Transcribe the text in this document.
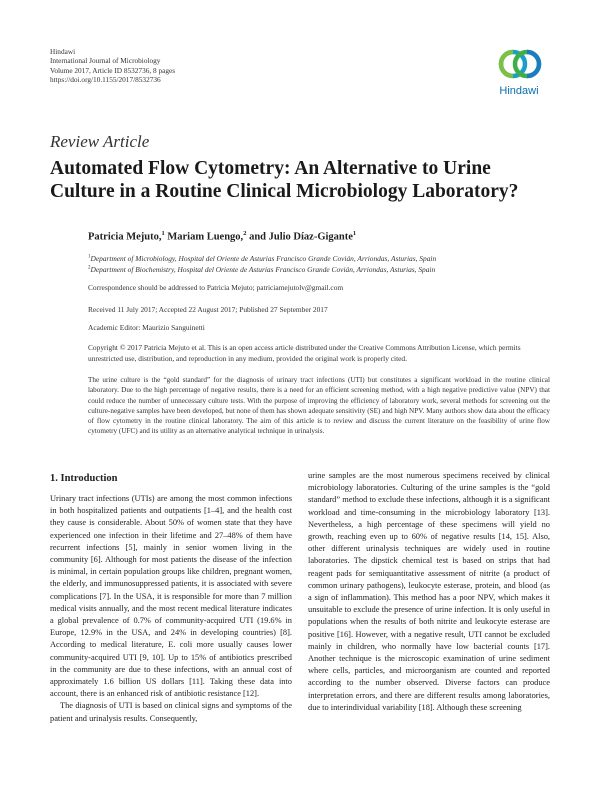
Hindawi
International Journal of Microbiology
Volume 2017, Article ID 8532736, 8 pages
https://doi.org/10.1155/2017/8532736
Hindawi
Review Article
Automated Flow Cytometry: An Alternative to Urine Culture in a Routine Clinical Microbiology Laboratory?
Patricia Mejuto,$^1$ Mariam Luengo,$^2$ and Julio Díaz-Gigante$^1$
$^1$Department of Microbiology, Hospital del Oriente de Asturias Francisco Grande Covián, Arriondas, Asturias, Spain
$^2$Department of Biochemistry, Hospital del Oriente de Asturias Francisco Grande Covián, Arriondas, Asturias, Spain
Correspondence should be addressed to Patricia Mejuto; patriciamejutolv@gmail.com
Received 11 July 2017; Accepted 22 August 2017; Published 27 September 2017
Academic Editor: Maurizio Sanguinetti
Copyright © 2017 Patricia Mejuto et al. This is an open access article distributed under the Creative Commons Attribution License, which permits unrestricted use, distribution, and reproduction in any medium, provided the original work is properly cited.
The urine culture is the “gold standard” for the diagnosis of urinary tract infections (UTI) but constitutes a significant workload in the routine clinical laboratory. Due to the high percentage of negative results, there is a need for an efficient screening method, with a high negative predictive value (NPV) that could reduce the number of unnecessary culture tests. With the purpose of improving the efficiency of laboratory work, several methods for screening out the culture-negative samples have been developed, but none of them has shown adequate sensitivity (SE) and high NPV. Many authors show data about the efficacy of flow cytometry in the routine clinical laboratory. The aim of this article is to review and discuss the current literature on the feasibility of urine flow cytometry (UFC) and its utility as an alternative analytical technique in urinalysis.
1. Introduction

Urinary tract infections (UTIs) are among the most common infections in both hospitalized patients and outpatients [1–4], and the health cost they cause is considerable. About 50% of women state that they have experienced one infection in their lifetime and 27–48% of them have recurrent infections [5], mainly in senior women living in the community [6]. Although for most patients the disease of the infection is minimal, in certain population groups like children, pregnant women, the elderly, and immunosuppressed patients, it is associated with severe complications [7]. In the USA, it is responsible for more than 7 million medical visits annually, and the most recent medical literature indicates a global prevalence of 0.7% of community-acquired UTI (19.6% in Europe, 12.9% in the USA, and 24% in developing countries) [8]. According to medical literature, E. coli more usually causes lower community-acquired UTI [9, 10]. Up to 15% of antibiotics prescribed in the community are due to these infections, with an annual cost of approximately 1.6 billion US dollars [11]. Taking these data into account, there is an enhanced risk of antibiotic resistance [12].

The diagnosis of UTI is based on clinical signs and symptoms of the patient and urinalysis results. Consequently,

urine samples are the most numerous specimens received by clinical microbiology laboratories. Culturing of the urine samples is the “gold standard” method to exclude these infections, although it is a significant workload and time-consuming in the microbiology laboratory [13]. Nevertheless, a high percentage of these specimens will yield no growth, reaching even up to 60% of negative results [14, 15]. Also, other different urinalysis techniques are widely used in routine laboratories. The dipstick chemical test is based on strips that had reagent pads for semiquantitative assessment of nitrite (a product of common urinary pathogens), leukocyte esterase, protein, and blood (as a sign of inflammation). This method has a poor NPV, which makes it unsuitable to exclude the presence of urine infection. It is only useful in populations when the results of both nitrite and leukocyte esterase are positive [16]. However, with a negative result, UTI cannot be excluded mainly in children, who normally have low bacterial counts [17]. Another technique is the microscopic examination of urine sediment where cells, particles, and microorganism are counted and reported according to the number observed. Diverse factors can produce interpretation errors, and there are different results among laboratories, due to interindividual variability [18]. Although these screening
